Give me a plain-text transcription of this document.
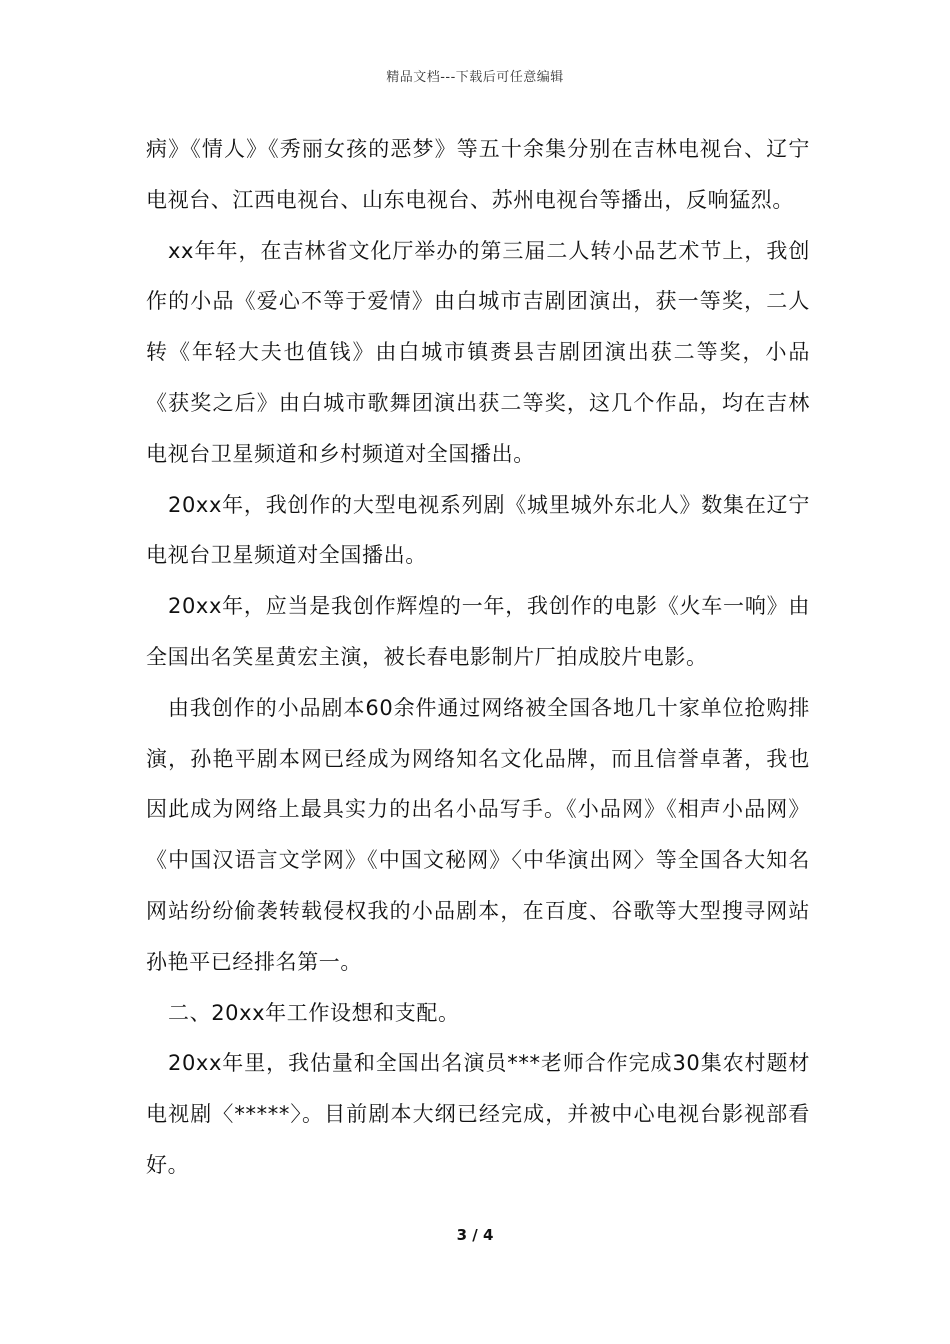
精品文档---下载后可任意编辑

病》《情人》《秀丽女孩的恶梦》等五十余集分别在吉林电视台、辽宁电视台、江西电视台、山东电视台、苏州电视台等播出，反响猛烈。

xx年年，在吉林省文化厅举办的第三届二人转小品艺术节上，我创作的小品《爱心不等于爱情》由白城市吉剧团演出，获一等奖，二人转《年轻大夫也值钱》由白城市镇赉县吉剧团演出获二等奖，小品《获奖之后》由白城市歌舞团演出获二等奖，这几个作品，均在吉林电视台卫星频道和乡村频道对全国播出。

20xx年，我创作的大型电视系列剧《城里城外东北人》数集在辽宁电视台卫星频道对全国播出。

20xx年，应当是我创作辉煌的一年，我创作的电影《火车一响》由全国出名笑星黄宏主演，被长春电影制片厂拍成胶片电影。

由我创作的小品剧本60余件通过网络被全国各地几十家单位抢购排演，孙艳平剧本网已经成为网络知名文化品牌，而且信誉卓著，我也因此成为网络上最具实力的出名小品写手。《小品网》《相声小品网》《中国汉语言文学网》《中国文秘网》〈中华演出网〉等全国各大知名网站纷纷偷袭转载侵权我的小品剧本，在百度、谷歌等大型搜寻网站孙艳平已经排名第一。

二、20xx年工作设想和支配。

20xx年里，我估量和全国出名演员***老师合作完成30集农村题材电视剧〈*****〉。目前剧本大纲已经完成，并被中心电视台影视部看好。

3 / 4
